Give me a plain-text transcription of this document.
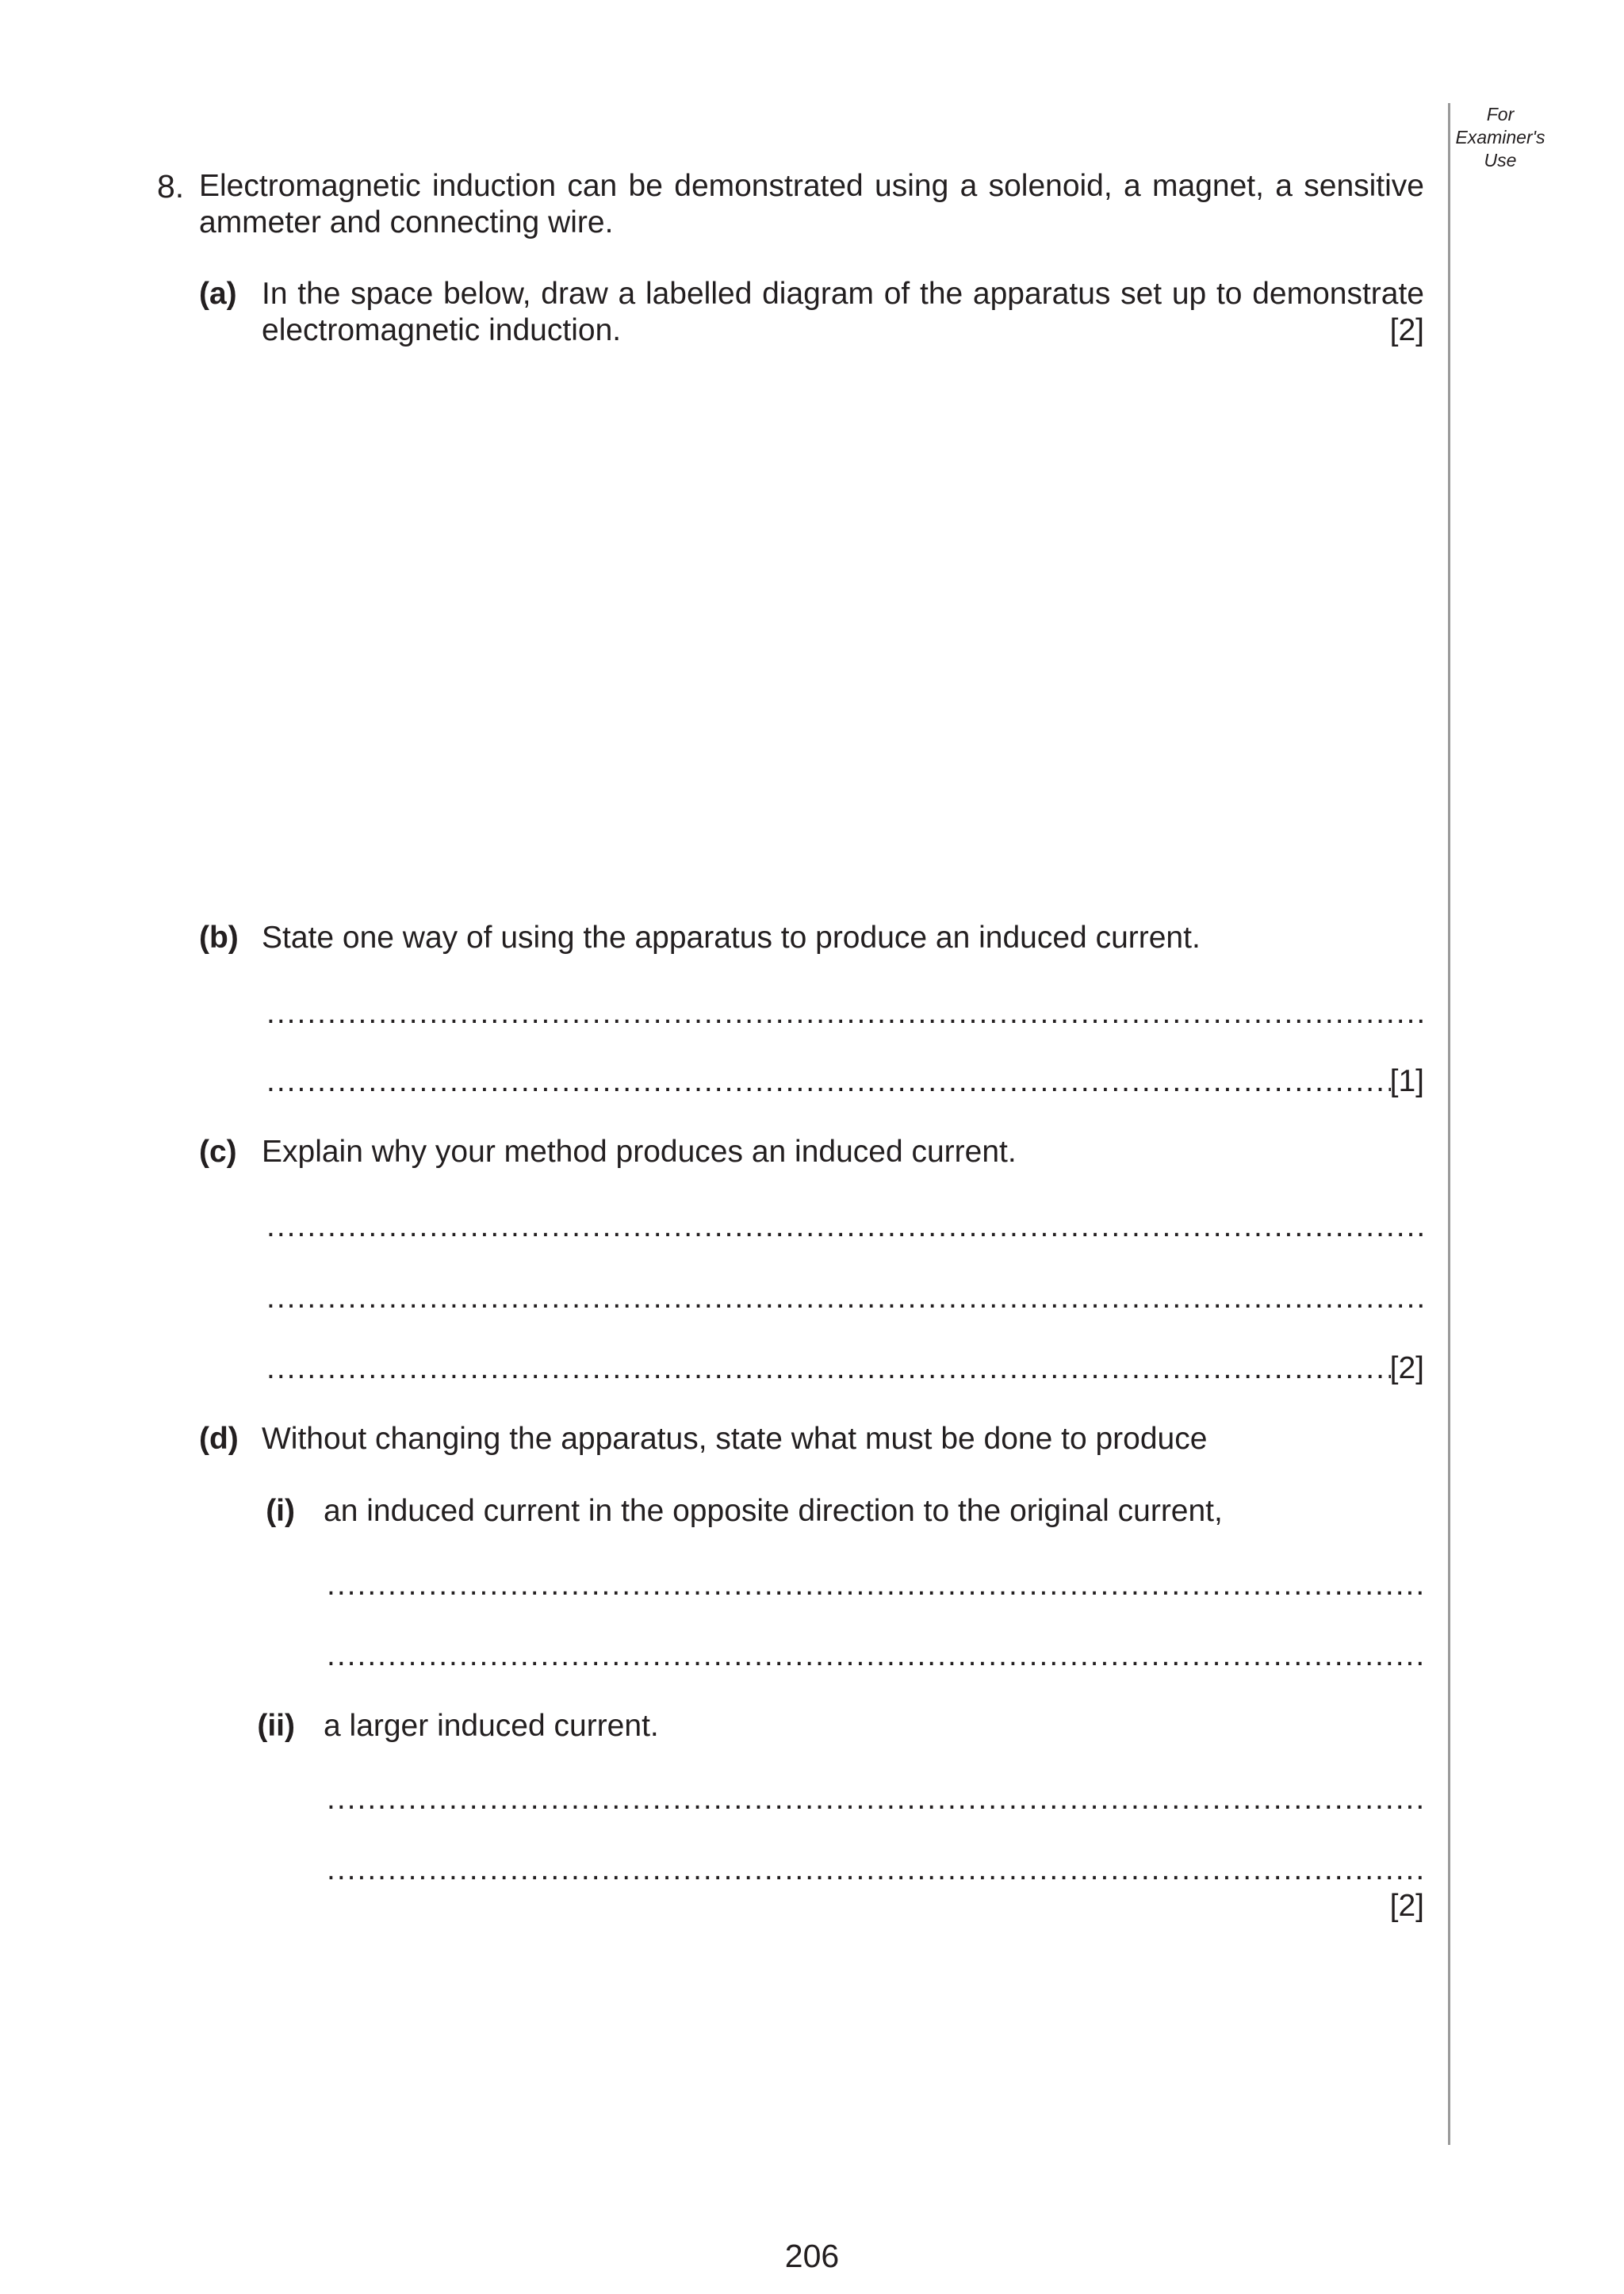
For
Examiner's
Use
8. Electromagnetic induction can be demonstrated using a solenoid, a magnet, a sensitive
ammeter and connecting wire.
(a) In the space below, draw a labelled diagram of the apparatus set up to demonstrate
electromagnetic induction.	[2]
(b) State one way of using the apparatus to produce an induced current.
.....
.....
[1]
(c) Explain why your method produces an induced current.
.....
.....
.....
[2]
(d) Without changing the apparatus, state what must be done to produce
(i) an induced current in the opposite direction to the original current,
.....
.....
(ii) a larger induced current.
.....
.....
[2]
206
